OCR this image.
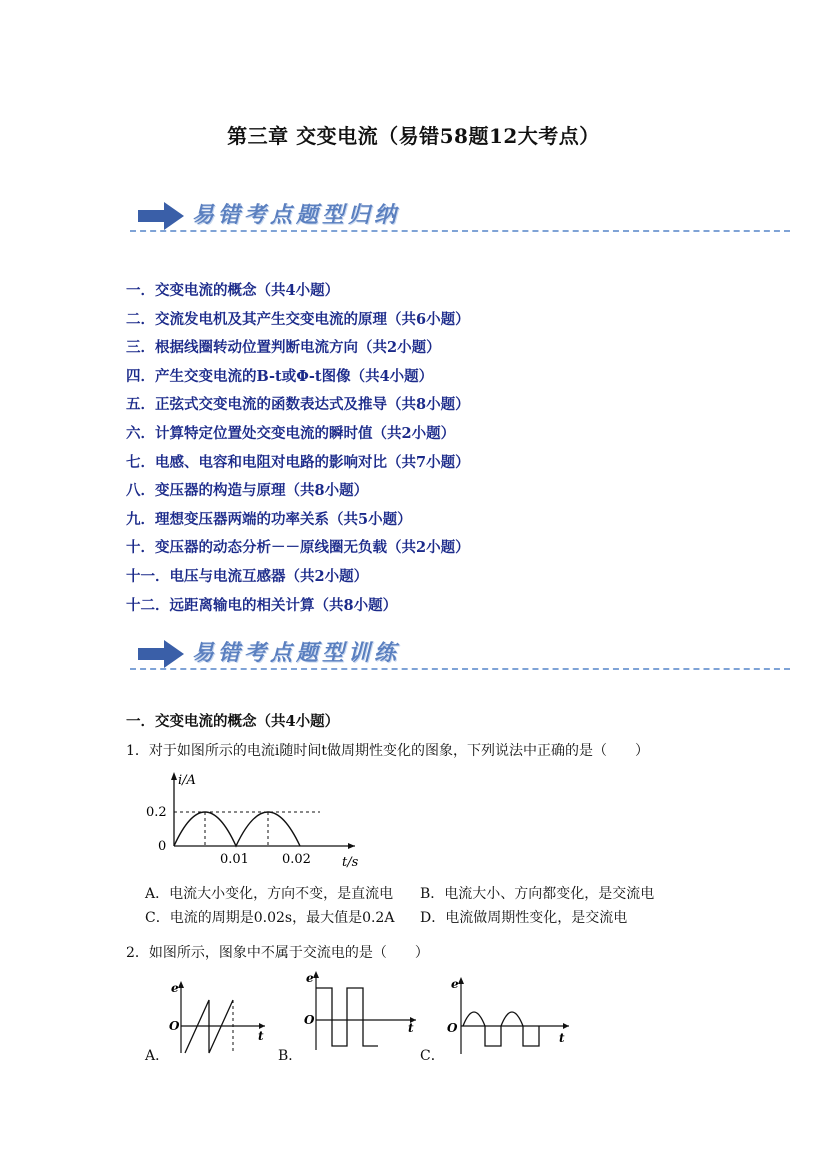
第三章 交变电流（易错58题12大考点）
易错考点题型归纳
一．交变电流的概念（共4小题）
二．交流发电机及其产生交变电流的原理（共6小题）
三．根据线圈转动位置判断电流方向（共2小题）
四．产生交变电流的B-t或Φ-t图像（共4小题）
五．正弦式交变电流的函数表达式及推导（共8小题）
六．计算特定位置处交变电流的瞬时值（共2小题）
七．电感、电容和电阻对电路的影响对比（共7小题）
八．变压器的构造与原理（共8小题）
九．理想变压器两端的功率关系（共5小题）
十．变压器的动态分析－－原线圈无负载（共2小题）
十一．电压与电流互感器（共2小题）
十二．远距离输电的相关计算（共8小题）
易错考点题型训练
一．交变电流的概念（共4小题）
1．对于如图所示的电流i随时间t做周期性变化的图象，下列说法中正确的是（　　）
i/A
0.2
0
0.01	0.02 t/s
A．电流大小变化，方向不变，是直流电 B．电流大小、方向都变化，是交流电
C．电流的周期是0.02s，最大值是0.2A D．电流做周期性变化，是交流电
2．如图所示，图象中不属于交流电的是（　　）
e
O
t
A．
e
O
t
B．
e
O
t
C．
